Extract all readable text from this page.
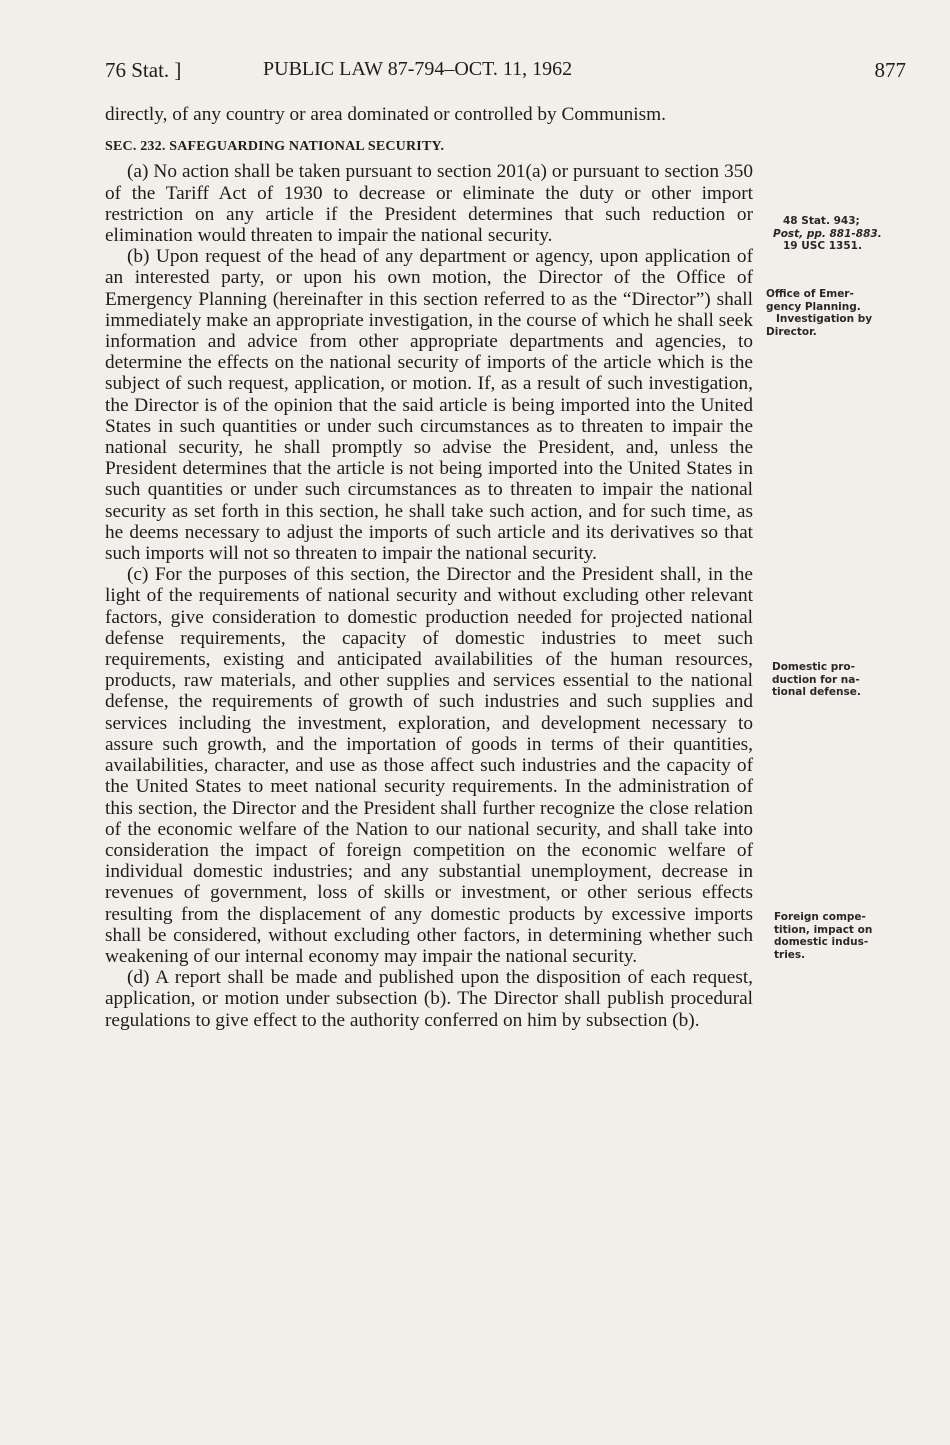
76 Stat. ]	PUBLIC LAW 87-794–OCT. 11, 1962	877

directly, of any country or area dominated or controlled by Communism.

SEC. 232. SAFEGUARDING NATIONAL SECURITY.

(a) No action shall be taken pursuant to section 201(a) or pursuant to section 350 of the Tariff Act of 1930 to decrease or eliminate the duty or other import restriction on any article if the President determines that such reduction or elimination would threaten to impair the national security.

(b) Upon request of the head of any department or agency, upon application of an interested party, or upon his own motion, the Director of the Office of Emergency Planning (hereinafter in this section referred to as the “Director”) shall immediately make an appropriate investigation, in the course of which he shall seek information and advice from other appropriate departments and agencies, to determine the effects on the national security of imports of the article which is the subject of such request, application, or motion. If, as a result of such investigation, the Director is of the opinion that the said article is being imported into the United States in such quantities or under such circumstances as to threaten to impair the national security, he shall promptly so advise the President, and, unless the President determines that the article is not being imported into the United States in such quantities or under such circumstances as to threaten to impair the national security as set forth in this section, he shall take such action, and for such time, as he deems necessary to adjust the imports of such article and its derivatives so that such imports will not so threaten to impair the national security.

(c) For the purposes of this section, the Director and the President shall, in the light of the requirements of national security and without excluding other relevant factors, give consideration to domestic production needed for projected national defense requirements, the capacity of domestic industries to meet such requirements, existing and anticipated availabilities of the human resources, products, raw materials, and other supplies and services essential to the national defense, the requirements of growth of such industries and such supplies and services including the investment, exploration, and development necessary to assure such growth, and the importation of goods in terms of their quantities, availabilities, character, and use as those affect such industries and the capacity of the United States to meet national security requirements. In the administration of this section, the Director and the President shall further recognize the close relation of the economic welfare of the Nation to our national security, and shall take into consideration the impact of foreign competition on the economic welfare of individual domestic industries; and any substantial unemployment, decrease in revenues of government, loss of skills or investment, or other serious effects resulting from the displacement of any domestic products by excessive imports shall be considered, without excluding other factors, in determining whether such weakening of our internal economy may impair the national security.

(d) A report shall be made and published upon the disposition of each request, application, or motion under subsection (b). The Director shall publish procedural regulations to give effect to the authority conferred on him by subsection (b).

48 Stat. 943;
Post, pp. 881-883.
19 USC 1351.
Office of Emer-
gency Planning.
Investigation by
Director.
Domestic pro-
duction for na-
tional defense.
Foreign compe-
tition, impact on
domestic indus-
tries.
